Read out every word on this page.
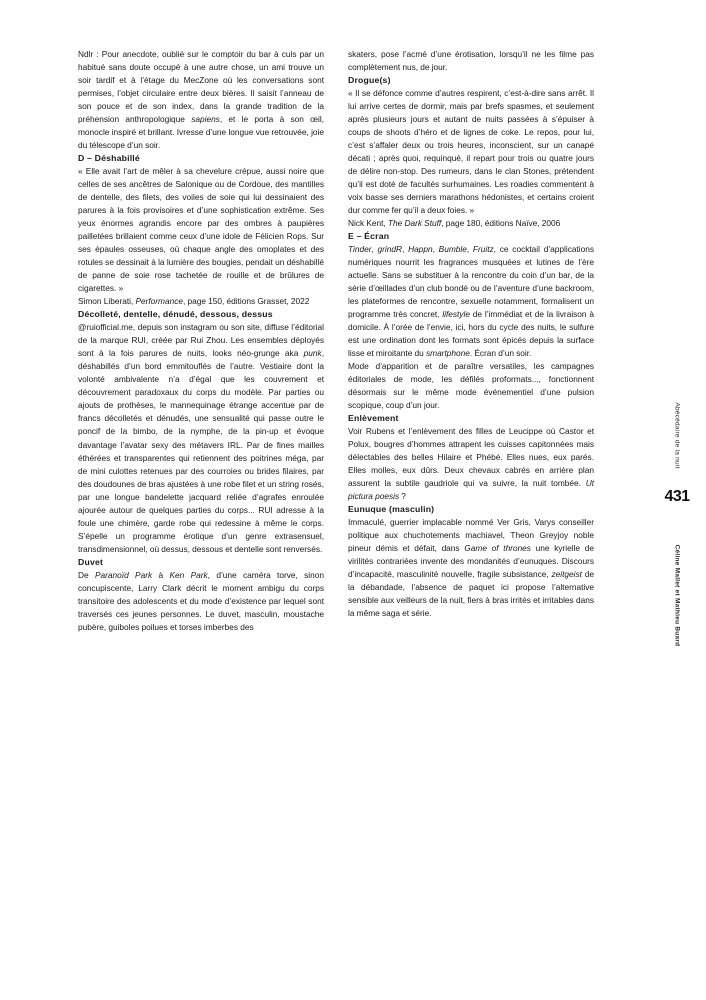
Ndlr : Pour anecdote, oublié sur le comptoir du bar à culs par un habitué sans doute occupé à une autre chose, un ami trouve un soir tardif et à l’étage du MecZone où les conversations sont permises, l’objet circulaire entre deux bières. Il saisit l’anneau de son pouce et de son index, dans la grande tradition de la préhension anthropologique sapiens, et le porta à son œil, monocle inspiré et brillant. Ivresse d’une longue vue retrouvée, joie du télescope d’un soir.

D – Déshabillé

« Elle avait l’art de mêler à sa chevelure crépue, aussi noire que celles de ses ancêtres de Salonique ou de Cordoue, des mantilles de dentelle, des filets, des voiles de soie qui lui dessinaient des parures à la fois provisoires et d’une sophistication extrême. Ses yeux énormes agrandis encore par des ombres à paupières pailletées brillaient comme ceux d’une idole de Félicien Rops. Sur ses épaules osseuses, où chaque angle des omoplates et des rotules se dessinait à la lumière des bougies, pendait un déshabillé de panne de soie rose tachetée de rouille et de brûlures de cigarettes. »

Simon Liberati, Performance, page 150, éditions Grasset, 2022

Décolleté, dentelle, dénudé, dessous, dessus

@ruiofficial.me, depuis son instagram ou son site, diffuse l’éditorial de la marque RUI, créée par Rui Zhou. Les ensembles déployés sont à la fois parures de nuits, looks néo-grunge aka punk, déshabillés d’un bord emmitouflés de l’autre. Vestiaire dont la volonté ambivalente n’a d’égal que les couvrement et découvrement paradoxaux du corps du modèle. Par parties ou ajouts de prothèses, le mannequinage étrange accentue par de francs décolletés et dénudés, une sensualité qui passe outre le poncif de la bimbo, de la nymphe, de la pin-up et évoque davantage l’avatar sexy des métavers IRL. Par de fines mailles éthérées et transparentes qui retiennent des poitrines méga, par de mini culottes retenues par des courroies ou brides filaires, par des doudounes de bras ajustées à une robe filet et un string rosés, par une longue bandelette jacquard reliée d’agrafes enroulée ajourée autour de quelques parties du corps... RUI adresse à la foule une chimère, garde robe qui redessine à même le corps. S’épelle un programme érotique d’un genre extrasensuel, transdimensionnel, où dessus, dessous et dentelle sont renversés.

Duvet

De Paranoïd Park à Ken Park, d’une caméra torve, sinon concupiscente, Larry Clark décrit le moment ambigu du corps transitoire des adolescents et du mode d’existence par lequel sont traversés ces jeunes personnes. Le duvet, masculin, moustache pubère, guiboles poilues et torses imberbes des

skaters, pose l’acmé d’une érotisation, lorsqu’il ne les filme pas complètement nus, de jour.

Drogue(s)

« Il se défonce comme d’autres respirent, c’est-à-dire sans arrêt. Il lui arrive certes de dormir, mais par brefs spasmes, et seulement après plusieurs jours et autant de nuits passées à s’épuiser à coups de shoots d’héro et de lignes de coke. Le repos, pour lui, c’est s’affaler deux ou trois heures, inconscient, sur un canapé décati ; après quoi, requinqué, il repart pour trois ou quatre jours de délire non-stop. Des rumeurs, dans le clan Stones, prétendent qu’il est doté de facultés surhumaines. Les roadies commentent à voix basse ses derniers marathons hédonistes, et certains croient dur comme fer qu’il a deux foies. »

Nick Kent, The Dark Stuff, page 180, éditions Naïve, 2006

E – Écran

Tinder, grindR, Happn, Bumble, Fruitz, ce cocktail d’applications numériques nourrit les fragrances musquées et lutines de l’ère actuelle. Sans se substituer à la rencontre du coin d’un bar, de la série d’œillades d’un club bondé ou de l’aventure d’une backroom, les plateformes de rencontre, sexuelle notamment, formalisent un programme très concret, lifestyle de l’immédiat et de la livraison à domicile. À l’orée de l’envie, ici, hors du cycle des nuits, le sulfure est une ordination dont les formats sont épicés depuis la surface lisse et miroitante du smartphone. Écran d’un soir.

Mode d’apparition et de paraître versatiles, les campagnes éditoriales de mode, les défilés proformats..., fonctionnent désormais sur le même mode événementiel d’une pulsion scopique, coup d’un jour.

Enlèvement

Voir Rubens et l’enlèvement des filles de Leucippe où Castor et Polux, bougres d’hommes attrapent les cuisses capitonnées mais délectables des belles Hilaire et Phébé. Elles nues, eux parés. Elles molles, eux dûrs. Deux chevaux cabrés en arrière plan assurent la subtile gaudriole qui va suivre, la nuit tombée. Ut pictura poesis ?

Eunuque (masculin)

Immaculé, guerrier implacable nommé Ver Gris, Varys conseiller politique aux chuchotements machiavel, Theon Greyjoy noble pineur démis et défait, dans Game of thrones une kyrielle de virilités contrariées invente des mondanités d’eunuques. Discours d’incapacité, masculinité nouvelle, fragile subsistance, zeitgeist de la débandade, l’absence de paquet ici propose l’alternative sensible aux veilleurs de la nuit, fiers à bras irrités et irritables dans la même saga et série.

Abécédaire de la nuit
431
Céline Mallet et Mathieu Buard
